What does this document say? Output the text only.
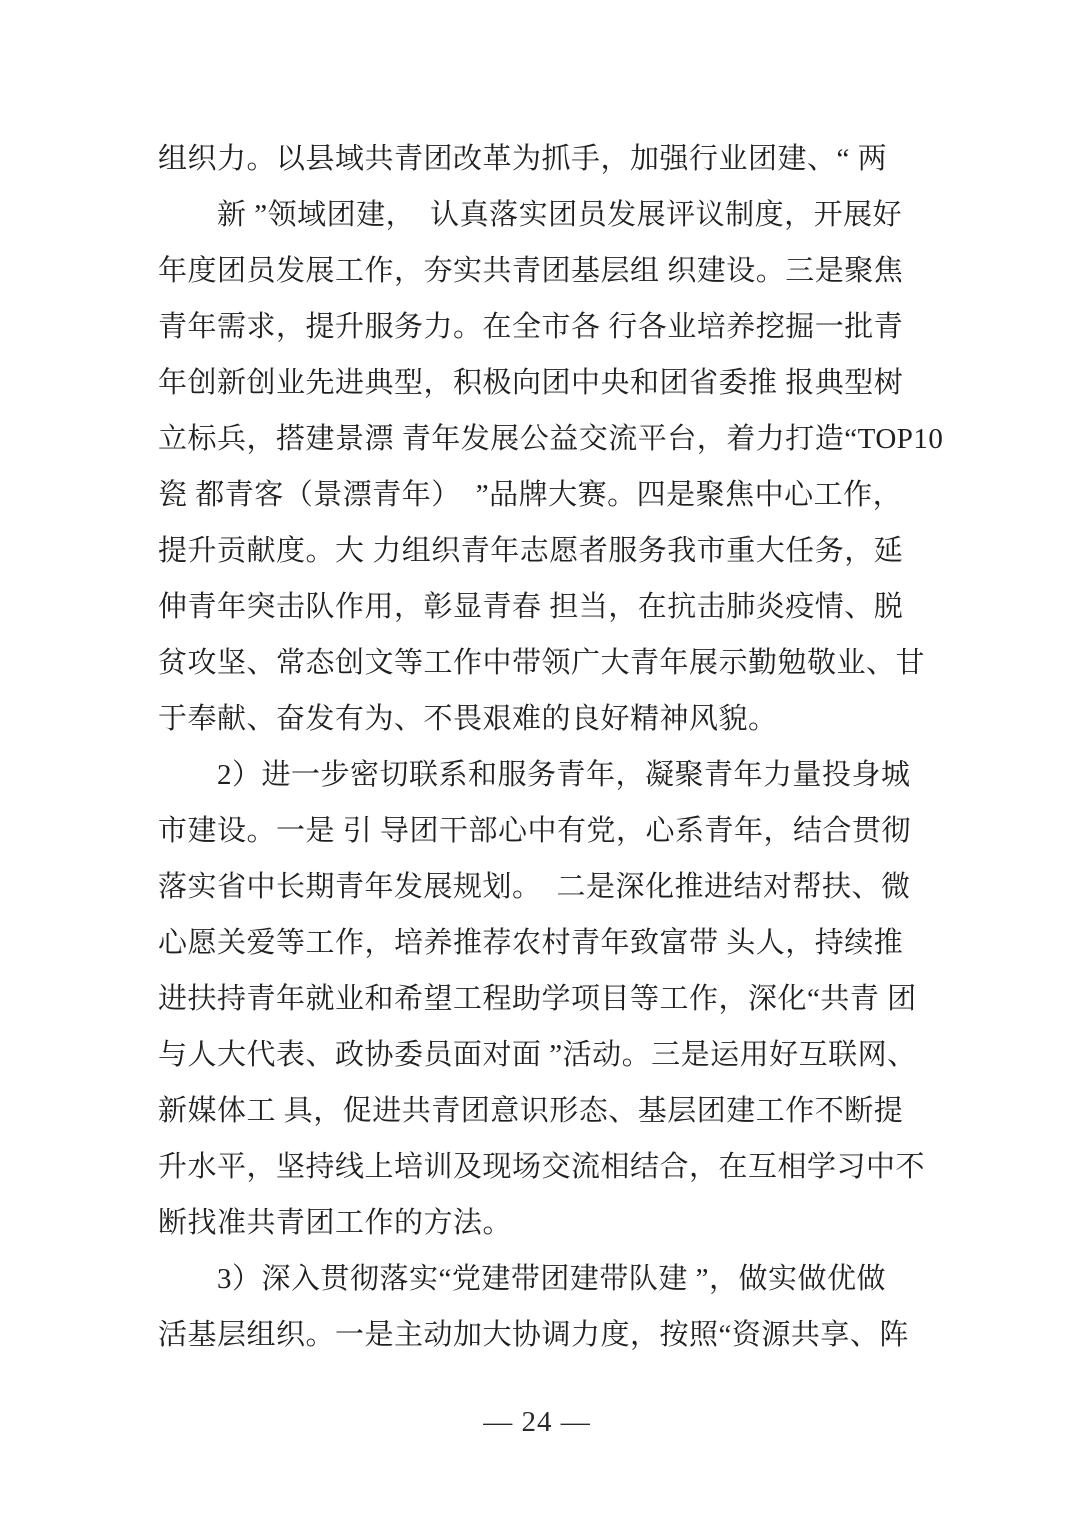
组织力。以县域共青团改革为抓手，加强行业团建、“ 两
　　新 ”领域团建，　认真落实团员发展评议制度，开展好
年度团员发展工作，夯实共青团基层组 织建设。三是聚焦
青年需求，提升服务力。在全市各 行各业培养挖掘一批青
年创新创业先进典型，积极向团中央和团省委推 报典型树
立标兵，搭建景漂 青年发展公益交流平台，着力打造“TOP10
瓷 都青客（景漂青年）　”品牌大赛。四是聚焦中心工作，
提升贡献度。大 力组织青年志愿者服务我市重大任务，延
伸青年突击队作用，彰显青春 担当，在抗击肺炎疫情、脱
贫攻坚、常态创文等工作中带领广大青年展示勤勉敬业、甘
于奉献、奋发有为、不畏艰难的良好精神风貌。
　　2）进一步密切联系和服务青年，凝聚青年力量投身城
市建设。一是 引 导团干部心中有党，心系青年，结合贯彻
落实省中长期青年发展规划。　二是深化推进结对帮扶、微
心愿关爱等工作，培养推荐农村青年致富带 头人，持续推
进扶持青年就业和希望工程助学项目等工作，深化“共青 团
与人大代表、政协委员面对面 ”活动。三是运用好互联网、
新媒体工 具，促进共青团意识形态、基层团建工作不断提
升水平，坚持线上培训及现场交流相结合，在互相学习中不
断找准共青团工作的方法。
　　3）深入贯彻落实“党建带团建带队建 ”，做实做优做
活基层组织。一是主动加大协调力度，按照“资源共享、阵
— 24 —
